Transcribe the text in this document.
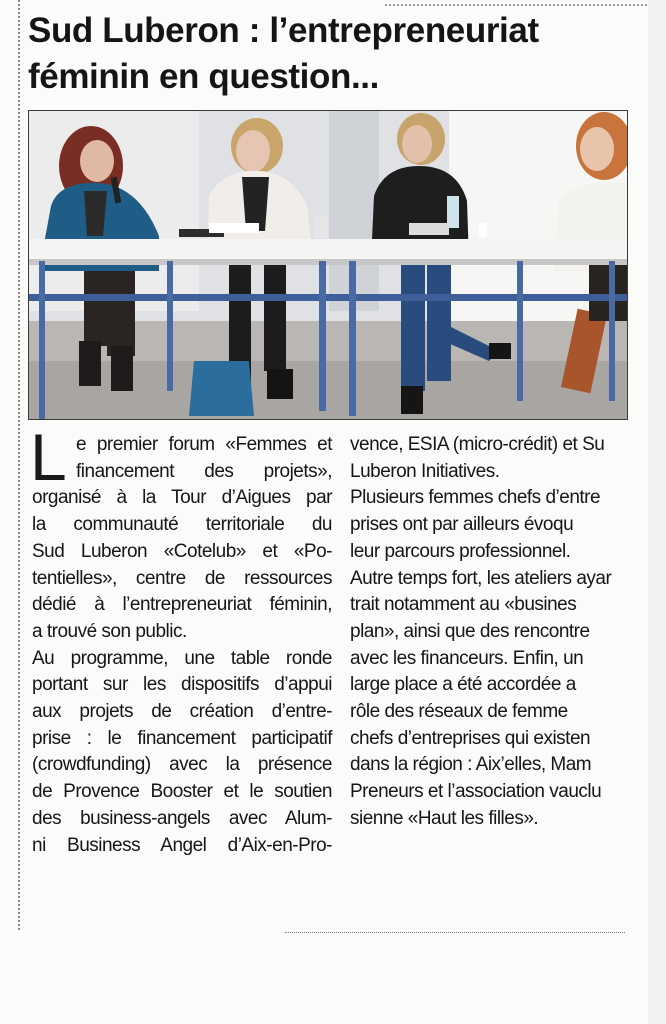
Sud Luberon : l’entrepreneuriat
féminin en question...
L e premier forum «Femmes et
financement des projets»,
organisé à la Tour d’Aigues par
la communauté territoriale du
Sud Luberon «Cotelub» et «Po-
tentielles», centre de ressources
dédié à l’entrepreneuriat féminin,
a trouvé son public.
Au programme, une table ronde
portant sur les dispositifs d’appui
aux projets de création d’entre-
prise : le financement participatif
(crowdfunding) avec la présence
de Provence Booster et le soutien
des business-angels avec Alum-
ni Business Angel d’Aix-en-Pro-
vence, ESIA (micro-crédit) et Su
Luberon Initiatives.
Plusieurs femmes chefs d’entre
prises ont par ailleurs évoqu
leur parcours professionnel.
Autre temps fort, les ateliers ayar
trait notamment au «busines
plan», ainsi que des rencontre
avec les financeurs. Enfin, un
large place a été accordée a
rôle des réseaux de femme
chefs d’entreprises qui existen
dans la région : Aix’elles, Mam
Preneurs et l’association vauclu
sienne «Haut les filles».
